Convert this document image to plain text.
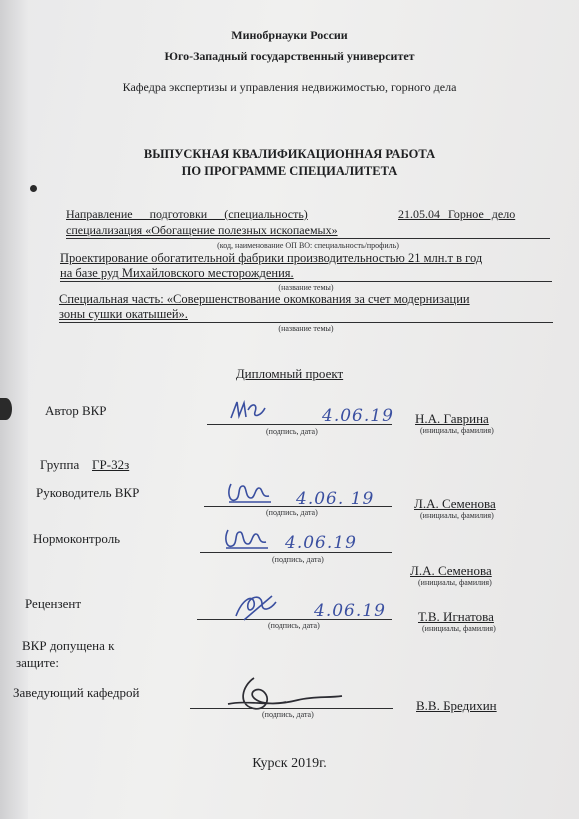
Минобрнауки России
Юго-Западный государственный университет
Кафедра экспертизы и управления недвижимостью, горного дела
ВЫПУСКНАЯ КВАЛИФИКАЦИОННАЯ РАБОТА
ПО ПРОГРАММЕ СПЕЦИАЛИТЕТА
Направление подготовки (специальность)	21.05.04 Горное дело
специализация «Обогащение полезных ископаемых»
(код, наименование ОП ВО: специальность/профиль)
Проектирование обогатительной фабрики производительностью 21 млн.т в год
на базе руд Михайловского месторождения.
(название темы)
Специальная часть: «Совершенствование окомкования за счет модернизации
зоны сушки окатышей».
(название темы)
Дипломный проект
Автор ВКР	4.06.19
(подпись, дата)
Н.А. Гаврина
(инициалы, фамилия)
Группа ГР-32з
Руководитель ВКР	4.06. 19
(подпись, дата)
Л.А. Семенова
(инициалы, фамилия)
Нормоконтроль	4.06.19
(подпись, дата)
Л.А. Семенова
(инициалы, фамилия)
Рецензент	4.06.19
(подпись, дата)
Т.В. Игнатова
(инициалы, фамилия)
ВКР допущена к
защите:
Заведующий кафедрой
(подпись, дата)
В.В. Бредихин
Курск 2019г.
